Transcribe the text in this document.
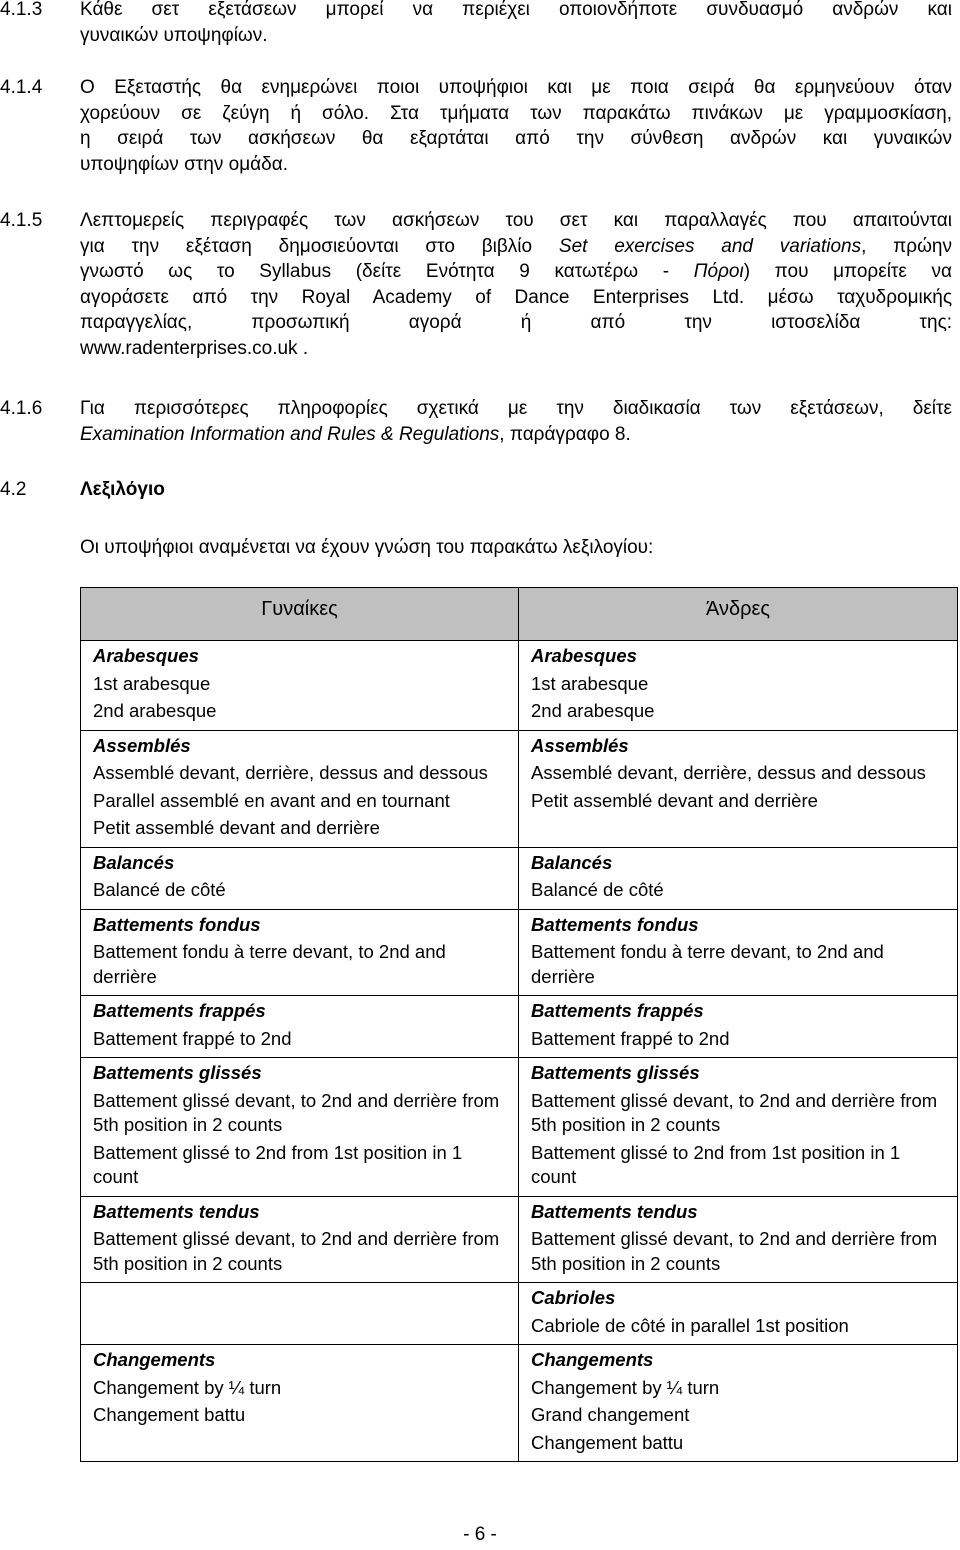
4.1.3 Κάθε σετ εξετάσεων μπορεί να περιέχει οποιονδήποτε συνδυασμό ανδρών και
γυναικών υποψηφίων.
4.1.4 Ο Εξεταστής θα ενημερώνει ποιοι υποψήφιοι και με ποια σειρά θα ερμηνεύουν όταν
χορεύουν σε ζεύγη ή σόλο. Στα τμήματα των παρακάτω πινάκων με γραμμοσκίαση,
η σειρά των ασκήσεων θα εξαρτάται από την σύνθεση ανδρών και γυναικών
υποψηφίων στην ομάδα.
4.1.5 Λεπτομερείς περιγραφές των ασκήσεων του σετ και παραλλαγές που απαιτούνται
για την εξέταση δημοσιεύονται στο βιβλίο Set exercises and variations, πρώην
γνωστό ως το Syllabus (δείτε Ενότητα 9 κατωτέρω - Πόροι) που μπορείτε να
αγοράσετε από την Royal Academy of Dance Enterprises Ltd. μέσω ταχυδρομικής
παραγγελίας, προσωπική αγορά ή από την ιστοσελίδα της:
www.radenterprises.co.uk .
4.1.6 Για περισσότερες πληροφορίες σχετικά με την διαδικασία των εξετάσεων, δείτε
Examination Information and Rules & Regulations, παράγραφο 8.
4.2	Λεξιλόγιο
Οι υποψήφιοι αναμένεται να έχουν γνώση του παρακάτω λεξιλογίου:
Γυναίκες	Άνδρες

Arabesques
1st arabesque
2nd arabesque	Arabesques
1st arabesque
2nd arabesque

Assemblés
Assemblé devant, derrière, dessus and dessous
Parallel assemblé en avant and en tournant
Petit assemblé devant and derrière	Assemblés
Assemblé devant, derrière, dessus and dessous
Petit assemblé devant and derrière

Balancés
Balancé de côté	Balancés
Balancé de côté

Battements fondus
Battement fondu à terre devant, to 2nd and derrière	Battements fondus
Battement fondu à terre devant, to 2nd and derrière

Battements frappés
Battement frappé to 2nd	Battements frappés
Battement frappé to 2nd

Battements glissés
Battement glissé devant, to 2nd and derrière from 5th position in 2 counts
Battement glissé to 2nd from 1st position in 1 count	Battements glissés
Battement glissé devant, to 2nd and derrière from 5th position in 2 counts
Battement glissé to 2nd from 1st position in 1 count

Battements tendus
Battement glissé devant, to 2nd and derrière from 5th position in 2 counts	Battements tendus
Battement glissé devant, to 2nd and derrière from 5th position in 2 counts

	Cabrioles
Cabriole de côté in parallel 1st position

Changements
Changement by ¼ turn
Changement battu	Changements
Changement by ¼ turn
Grand changement
Changement battu
- 6 -
